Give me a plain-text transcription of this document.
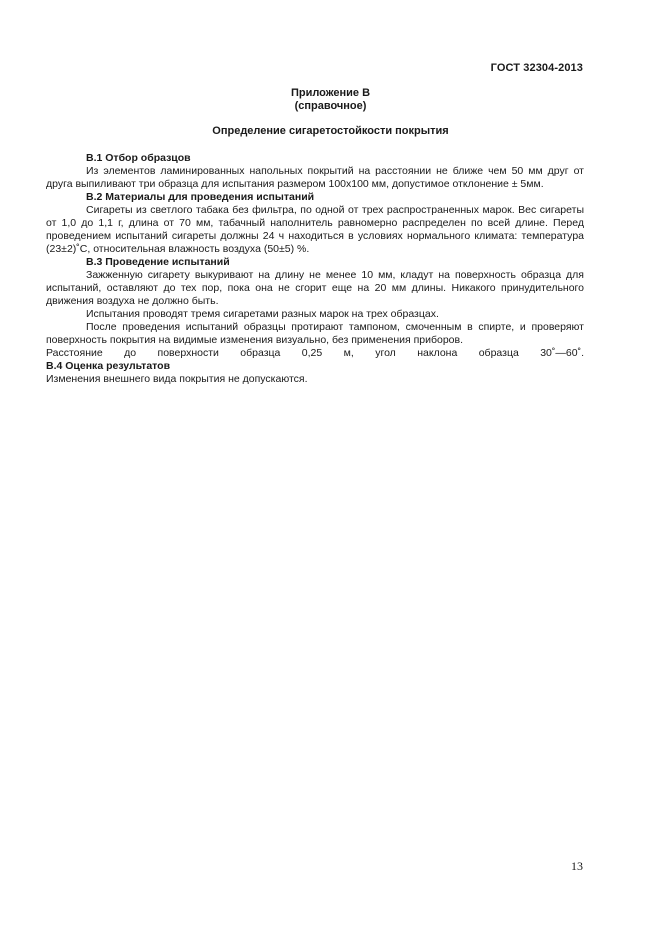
ГОСТ 32304-2013
Приложение В
(справочное)
Определение сигаретостойкости покрытия

В.1 Отбор образцов

Из элементов ламинированных напольных покрытий на расстоянии не ближе чем 50 мм друг от друга выпиливают три образца для испытания размером 100х100 мм, допустимое отклонение ± 5мм.

В.2 Материалы для проведения испытаний

Сигареты из светлого табака без фильтра, по одной от трех распространенных марок. Вес сигареты от 1,0 до 1,1 г, длина от 70 мм, табачный наполнитель равномерно распределен по всей длине. Перед проведением испытаний сигареты должны 24 ч находиться в условиях нормального климата: температура (23±2)˚С, относительная влажность воздуха (50±5) %.

В.3 Проведение испытаний

Зажженную сигарету выкуривают на длину не менее 10 мм, кладут на поверхность образца для испытаний, оставляют до тех пор, пока она не сгорит еще на 20 мм длины. Никакого принудительного движения воздуха не должно быть.

Испытания проводят тремя сигаретами разных марок на трех образцах.

После проведения испытаний образцы протирают тампоном, смоченным в спирте, и проверяют поверхность покрытия на видимые изменения визуально, без применения приборов.

Расстояние до поверхности образца 0,25 м, угол наклона образца 30˚—60˚.

В.4 Оценка результатов

Изменения внешнего вида покрытия не допускаются.

13
